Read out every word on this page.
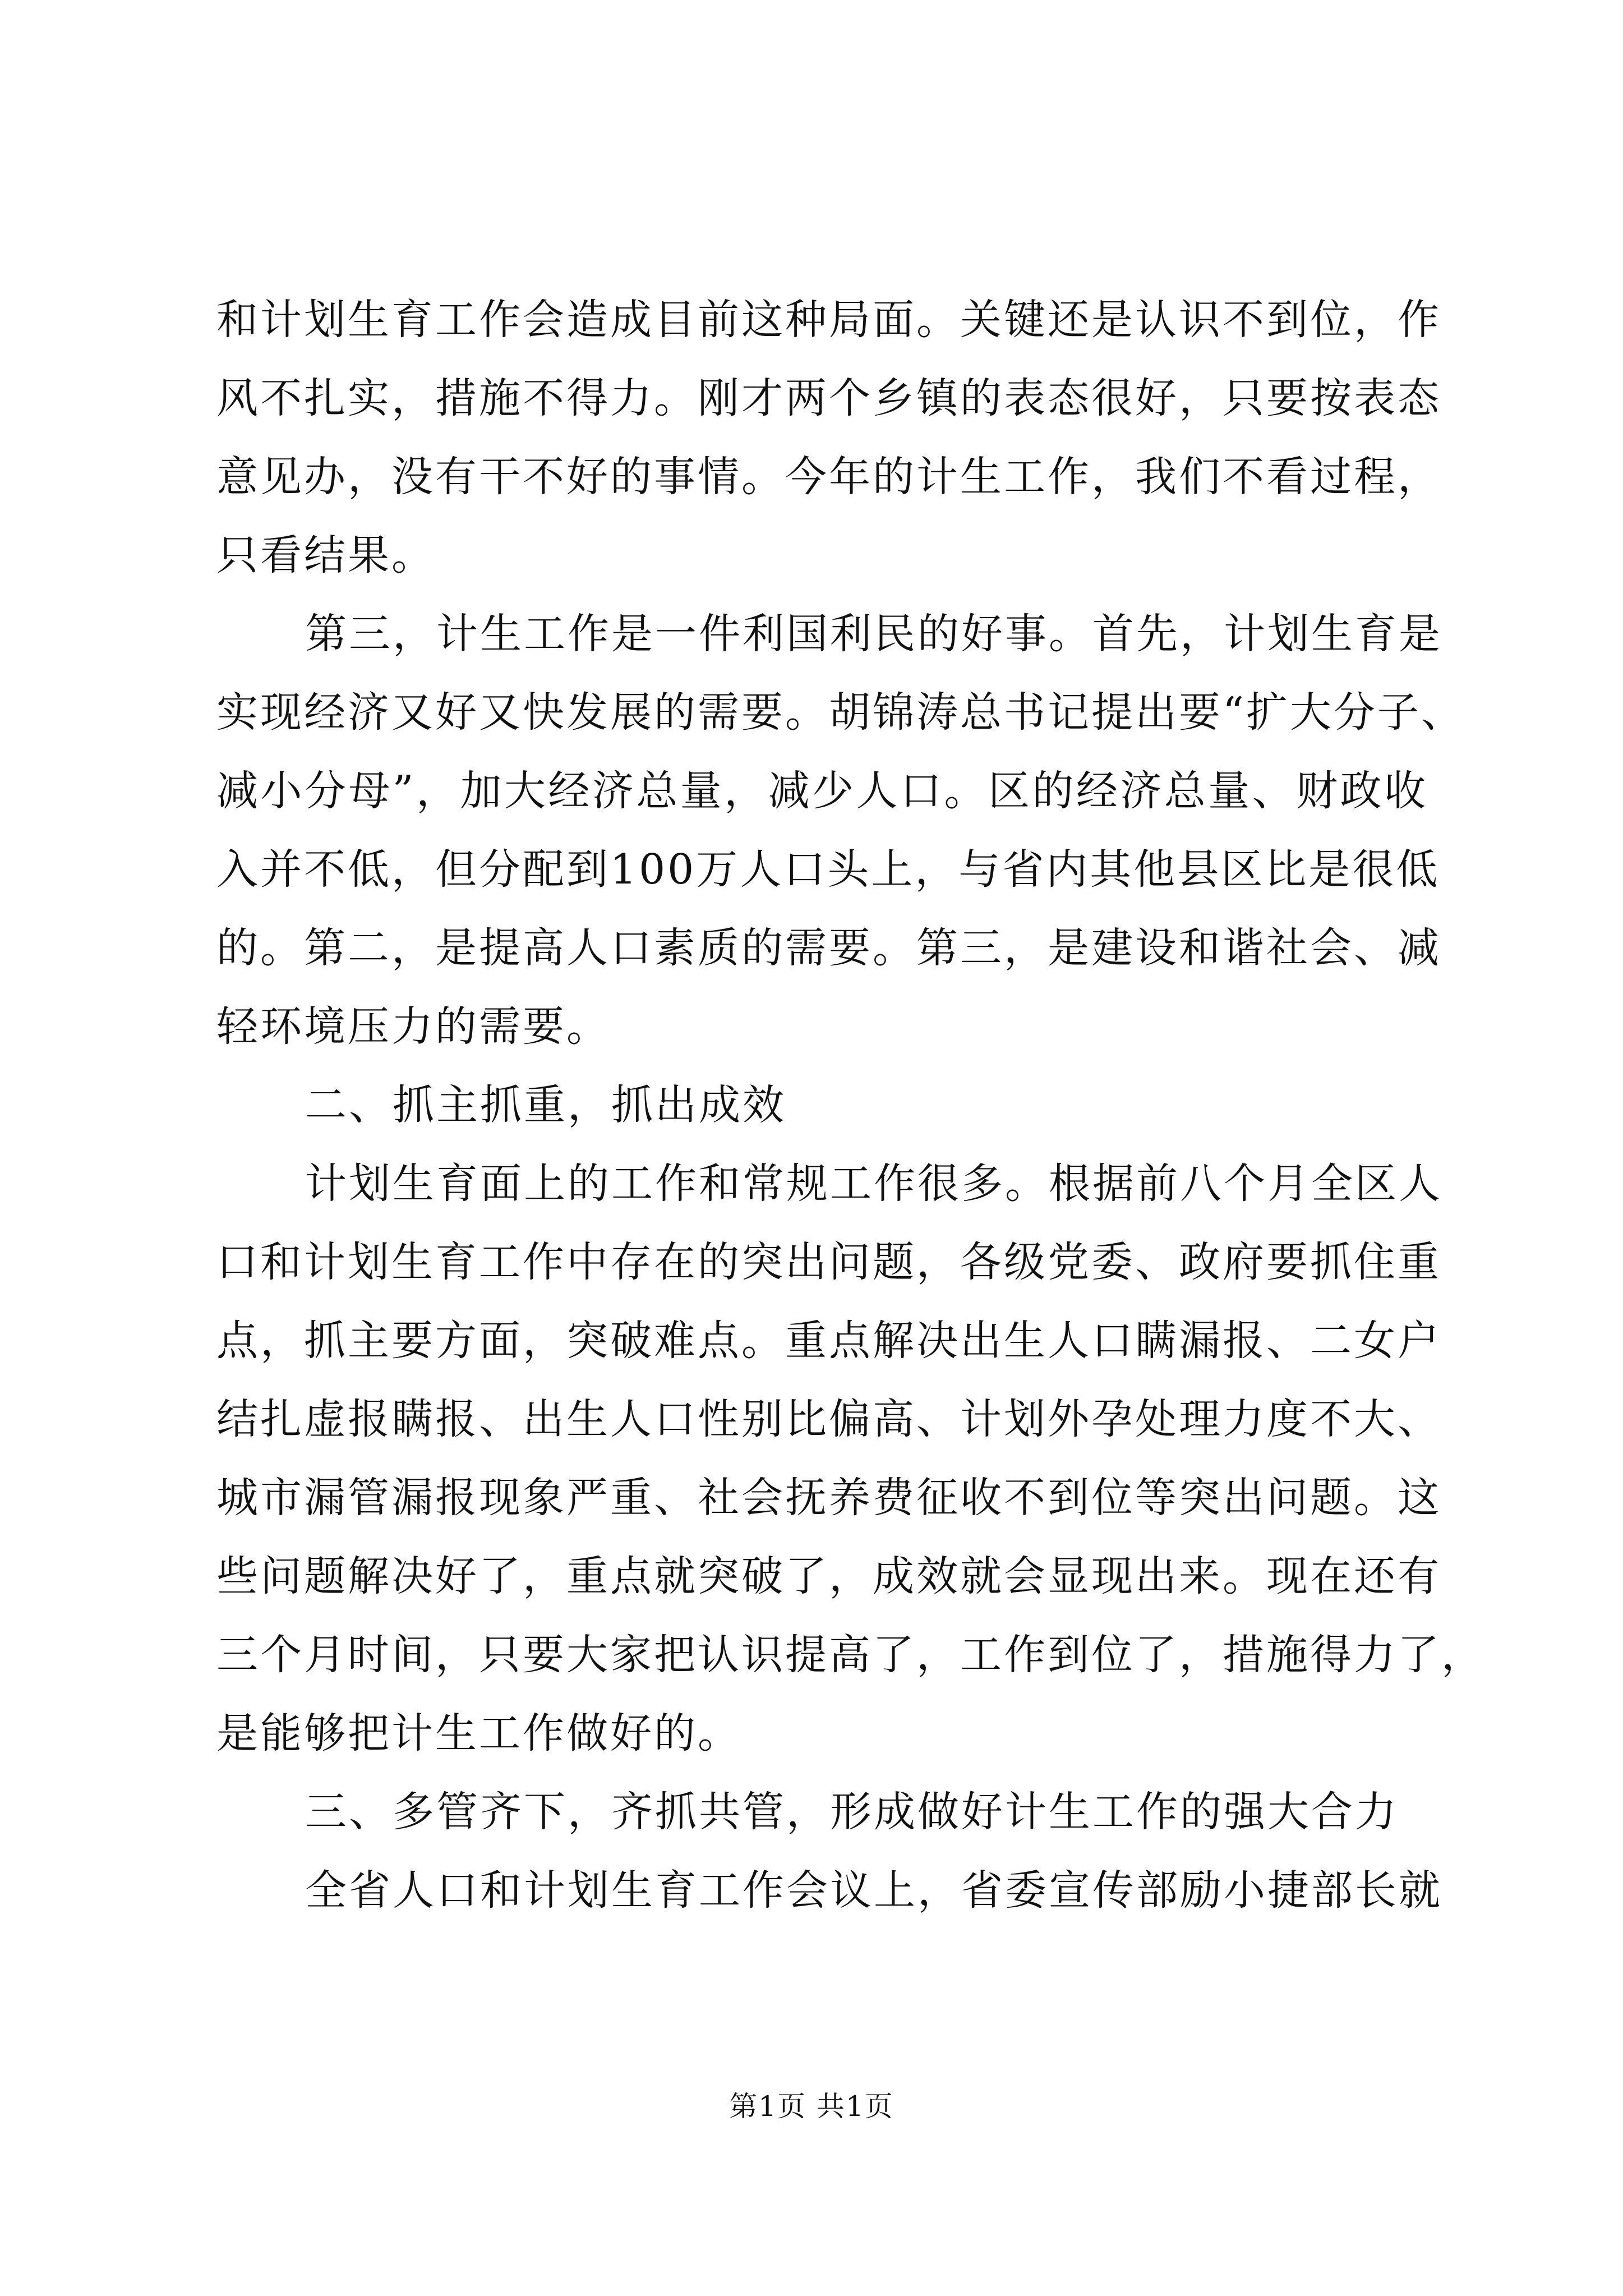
和计划生育工作会造成目前这种局面。关键还是认识不到位，作
风不扎实，措施不得力。刚才两个乡镇的表态很好，只要按表态
意见办，没有干不好的事情。今年的计生工作，我们不看过程，
只看结果。
第三，计生工作是一件利国利民的好事。首先，计划生育是
实现经济又好又快发展的需要。胡锦涛总书记提出要“扩大分子、
减小分母”，加大经济总量，减少人口。区的经济总量、财政收
入并不低，但分配到100万人口头上，与省内其他县区比是很低
的。第二，是提高人口素质的需要。第三，是建设和谐社会、减
轻环境压力的需要。
二、抓主抓重，抓出成效
计划生育面上的工作和常规工作很多。根据前八个月全区人
口和计划生育工作中存在的突出问题，各级党委、政府要抓住重
点，抓主要方面，突破难点。重点解决出生人口瞒漏报、二女户
结扎虚报瞒报、出生人口性别比偏高、计划外孕处理力度不大、
城市漏管漏报现象严重、社会抚养费征收不到位等突出问题。这
些问题解决好了，重点就突破了，成效就会显现出来。现在还有
三个月时间，只要大家把认识提高了，工作到位了，措施得力了，
是能够把计生工作做好的。
三、多管齐下，齐抓共管，形成做好计生工作的强大合力
全省人口和计划生育工作会议上，省委宣传部励小捷部长就
第1页 共1页
